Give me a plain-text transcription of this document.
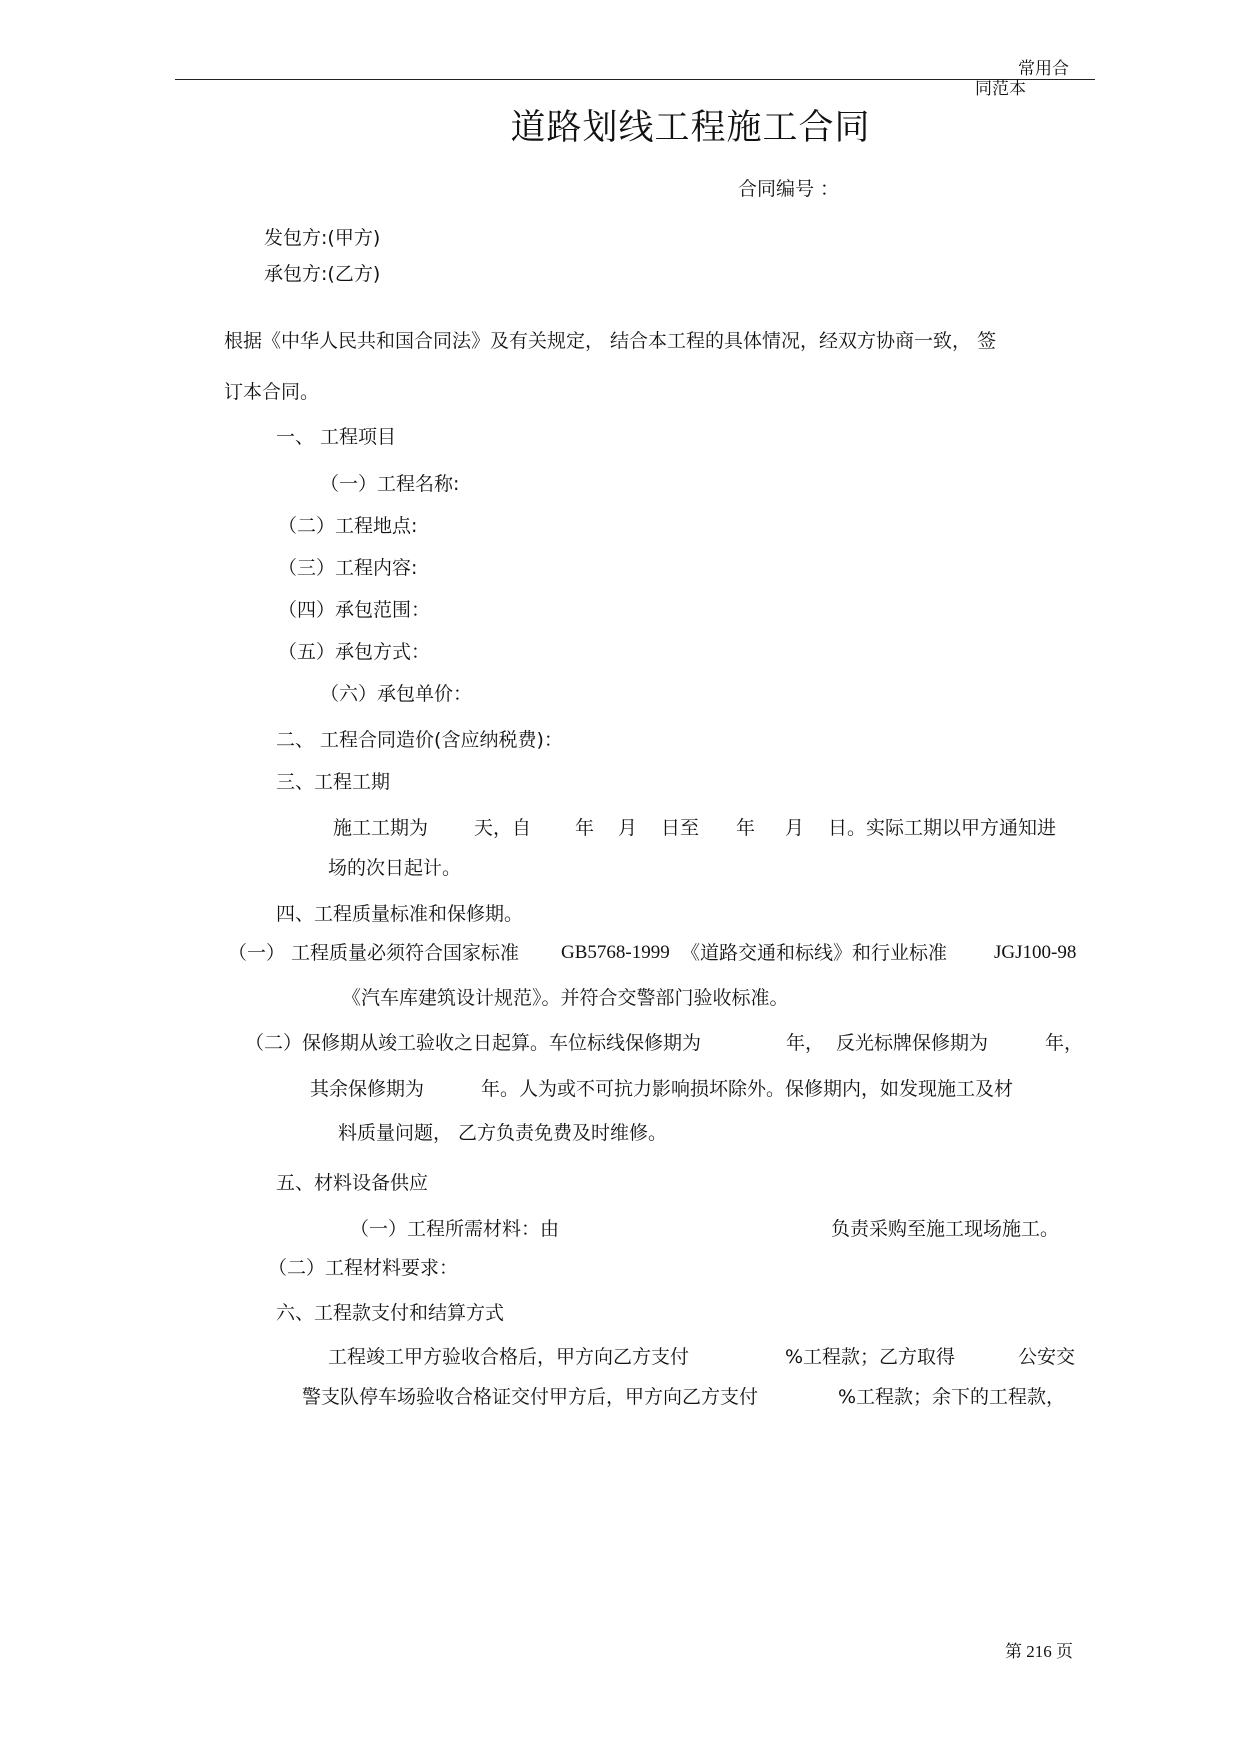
常用合
同范本
道路划线工程施工合同
合同编号 ：
发包方:(甲方)
承包方:(乙方)
根据《中华人民共和国合同法》及有关规定， 结合本工程的具体情况，经双方协商一致， 签
订本合同。
一、 工程项目
（一）工程名称:
（二）工程地点:
（三）工程内容:
（四）承包范围：
（五）承包方式：
（六）承包单价：
二、 工程合同造价(含应纳税费)：
三、工程工期
施工工期为 天，自 年 月 日至 年 月 日。实际工期以甲方通知进
场的次日起计。
四、工程质量标准和保修期。
（一） 工程质量必须符合国家标准 GB5768-1999 《道路交通和标线》和行业标准 JGJ100-98
《汽车库建筑设计规范》。并符合交警部门验收标准。
（二）保修期从竣工验收之日起算。车位标线保修期为	年， 反光标牌保修期为	年，
其余保修期为	年。人为或不可抗力影响损坏除外。保修期内，如发现施工及材
料质量问题， 乙方负责免费及时维修。
五、材料设备供应
（一）工程所需材料：由	负责采购至施工现场施工。
（二）工程材料要求：
六、工程款支付和结算方式
工程竣工甲方验收合格后，甲方向乙方支付	%工程款；乙方取得	公安交
警支队停车场验收合格证交付甲方后，甲方向乙方支付	%工程款；余下的工程款，
第 216 页
